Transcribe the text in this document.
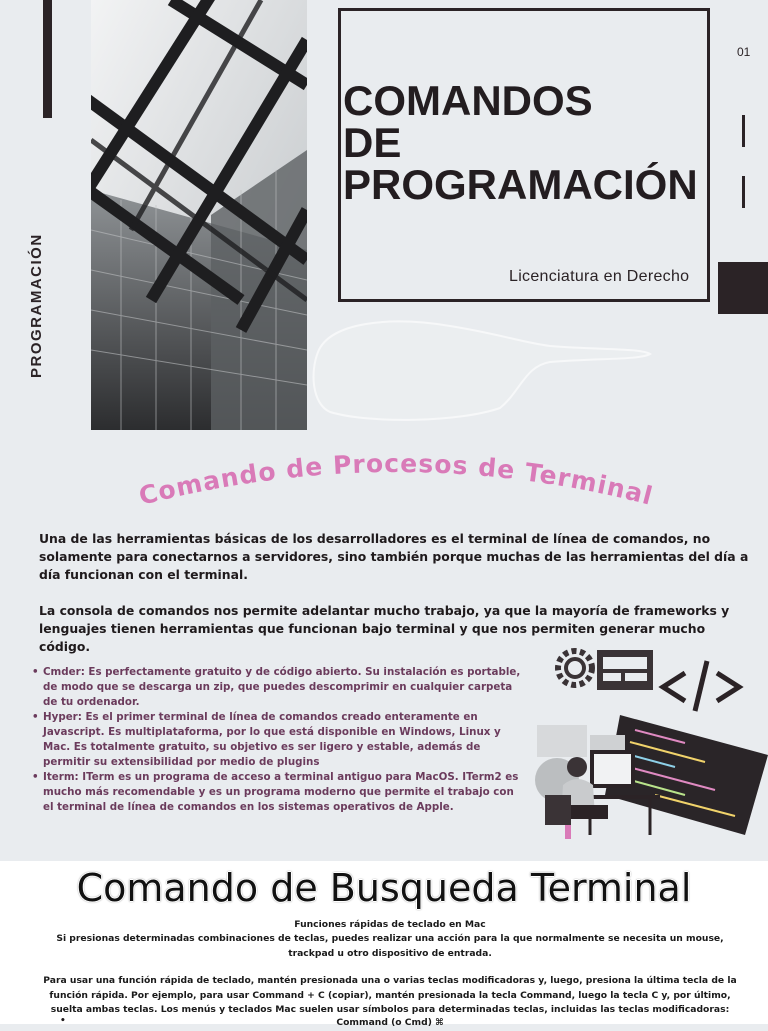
PROGRAMACIÓN
COMANDOS
DE
PROGRAMACIÓN
Licenciatura en Derecho
01
Comando de Procesos de Terminal
Una de las herramientas básicas de los desarrolladores es el terminal de línea de comandos, no solamente para conectarnos a servidores, sino también porque muchas de las herramientas del día a día funcionan con el terminal.
La consola de comandos nos permite adelantar mucho trabajo, ya que la mayoría de frameworks y lenguajes tienen herramientas que funcionan bajo terminal y que nos permiten generar mucho código.
• Cmder: Es perfectamente gratuito y de código abierto. Su instalación es portable, de modo que se descarga un zip, que puedes descomprimir en cualquier carpeta de tu ordenador.
• Hyper: Es el primer terminal de línea de comandos creado enteramente en Javascript. Es multiplataforma, por lo que está disponible en Windows, Linux y Mac. Es totalmente gratuito, su objetivo es ser ligero y estable, además de permitir su extensibilidad por medio de plugins
• Iterm: ITerm es un programa de acceso a terminal antiguo para MacOS. ITerm2 es mucho más recomendable y es un programa moderno que permite el trabajo con el terminal de línea de comandos en los sistemas operativos de Apple.
Comando de Busqueda Terminal
Funciones rápidas de teclado en Mac
Si presionas determinadas combinaciones de teclas, puedes realizar una acción para la que normalmente se necesita un mouse, trackpad u otro dispositivo de entrada.
Para usar una función rápida de teclado, mantén presionada una o varias teclas modificadoras y, luego, presiona la última tecla de la función rápida. Por ejemplo, para usar Command + C (copiar), mantén presionada la tecla Command, luego la tecla C y, por último, suelta ambas teclas. Los menús y teclados Mac suelen usar símbolos para determinadas teclas, incluidas las teclas modificadoras:
Command (o Cmd) ⌘
•
